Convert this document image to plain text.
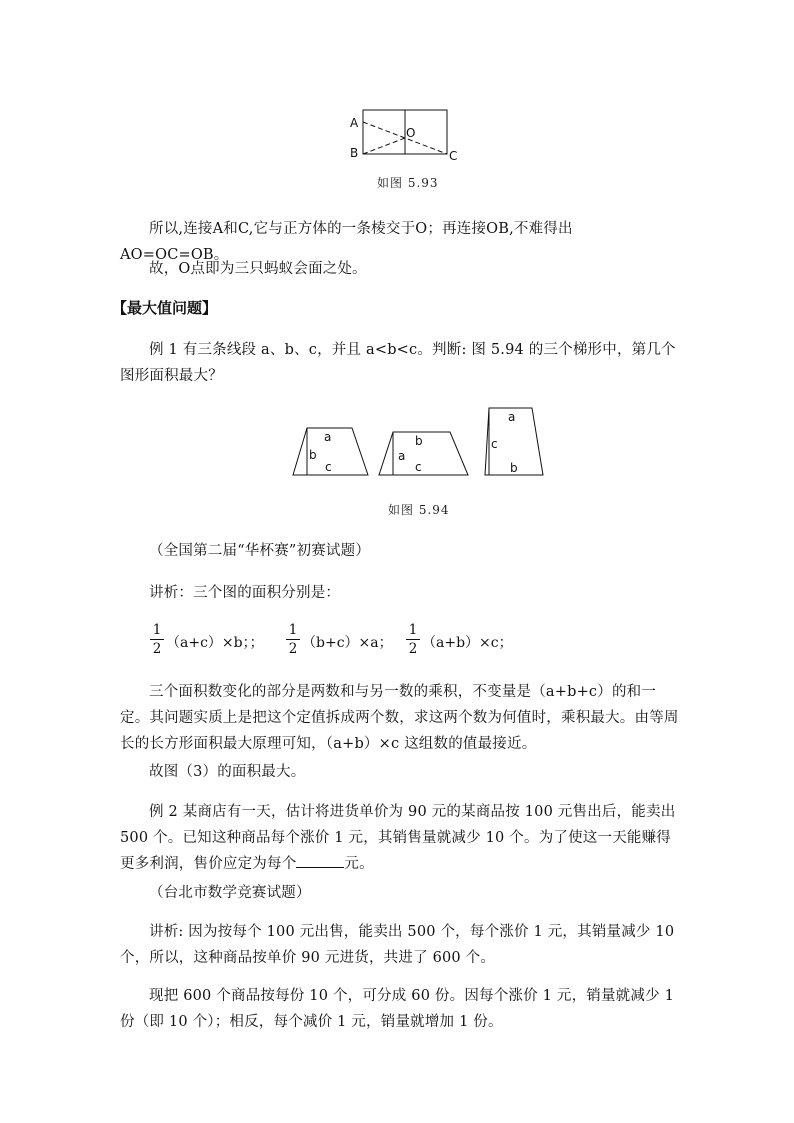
A
B	C
O
如图 5.93
所以,连接A和C,它与正方体的一条棱交于O；再连接OB,不难得出AO=OC=OB。
故，O点即为三只蚂蚁会面之处。
【最大值问题】
例 1 有三条线段 a、b、c，并且 a<b<c。判断: 图 5.94 的三个梯形中，第几个图形面积最大？
a
b
c
b
a
c
a
c
b
如图 5.94
（全国第二届“华杯赛”初赛试题）
讲析：三个图的面积分别是：
1
2 （a+c）×b；；
1
2 （b+c）×a；
1
2 （a+b）×c；
三个面积数变化的部分是两数和与另一数的乘积，不变量是（a+b+c）的和一定。其问题实质上是把这个定值拆成两个数，求这两个数为何值时，乘积最大。由等周长的长方形面积最大原理可知，（a+b）×c 这组数的值最接近。
故图（3）的面积最大。
例 2 某商店有一天，估计将进货单价为 90 元的某商品按 100 元售出后，能卖出 500 个。已知这种商品每个涨价 1 元，其销售量就减少 10 个。为了使这一天能赚得更多利润，售价应定为每个	元。
（台北市数学竞赛试题）
讲析: 因为按每个 100 元出售，能卖出 500 个，每个涨价 1 元，其销量减少 10 个，所以，这种商品按单价 90 元进货，共进了 600 个。
现把 600 个商品按每份 10 个，可分成 60 份。因每个涨价 1 元，销量就减少 1 份（即 10 个）；相反，每个减价 1 元，销量就增加 1 份。
